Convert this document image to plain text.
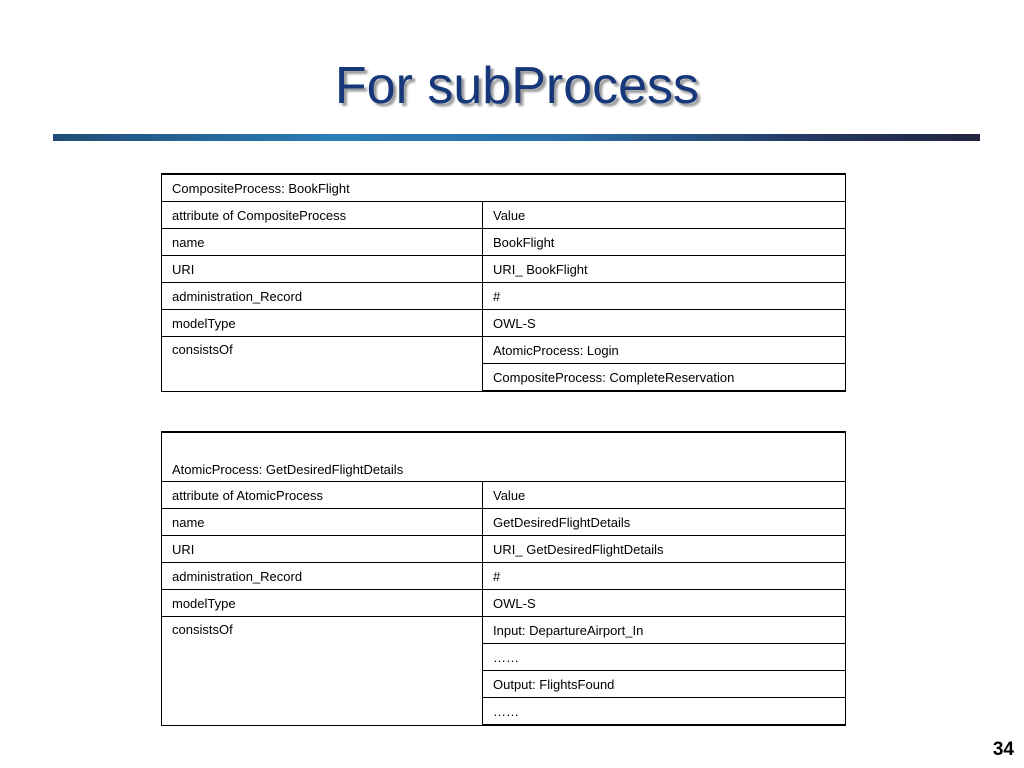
For subProcess
CompositeProcess: BookFlight	
attribute of CompositeProcess	Value
name	BookFlight
URI	URI_ BookFlight
administration_Record	#
modelType	OWL-S
consistsOf	AtomicProcess: Login
	CompositeProcess: CompleteReservation
AtomicProcess: GetDesiredFlightDetails	
attribute of AtomicProcess	Value
name	GetDesiredFlightDetails
URI	URI_ GetDesiredFlightDetails
administration_Record	#
modelType	OWL-S
consistsOf	Input: DepartureAirport_In
	……
	Output: FlightsFound
	……
34
